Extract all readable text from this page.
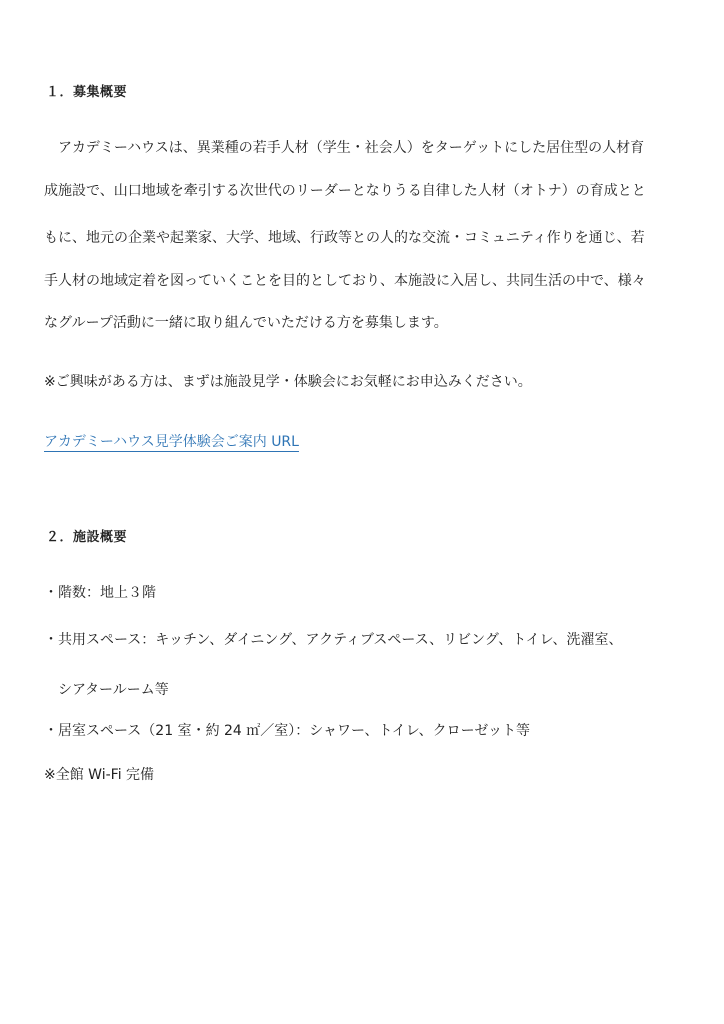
１．募集概要
アカデミーハウスは、異業種の若手人材（学生・社会人）をターゲットにした居住型の人材育
成施設で、山口地域を牽引する次世代のリーダーとなりうる自律した人材（オトナ）の育成とと
もに、地元の企業や起業家、大学、地域、行政等との人的な交流・コミュニティ作りを通じ、若
手人材の地域定着を図っていくことを目的としており、本施設に入居し、共同生活の中で、様々
なグループ活動に一緒に取り組んでいただける方を募集します。
※ご興味がある方は、まずは施設見学・体験会にお気軽にお申込みください。
アカデミーハウス見学体験会ご案内 URL
２．施設概要
・階数：地上３階
・共用スペース：キッチン、ダイニング、アクティブスペース、リビング、トイレ、洗濯室、
シアタールーム等
・居室スペース（21 室・約 24 ㎡／室）：シャワー、トイレ、クローゼット等
※全館 Wi-Fi 完備
